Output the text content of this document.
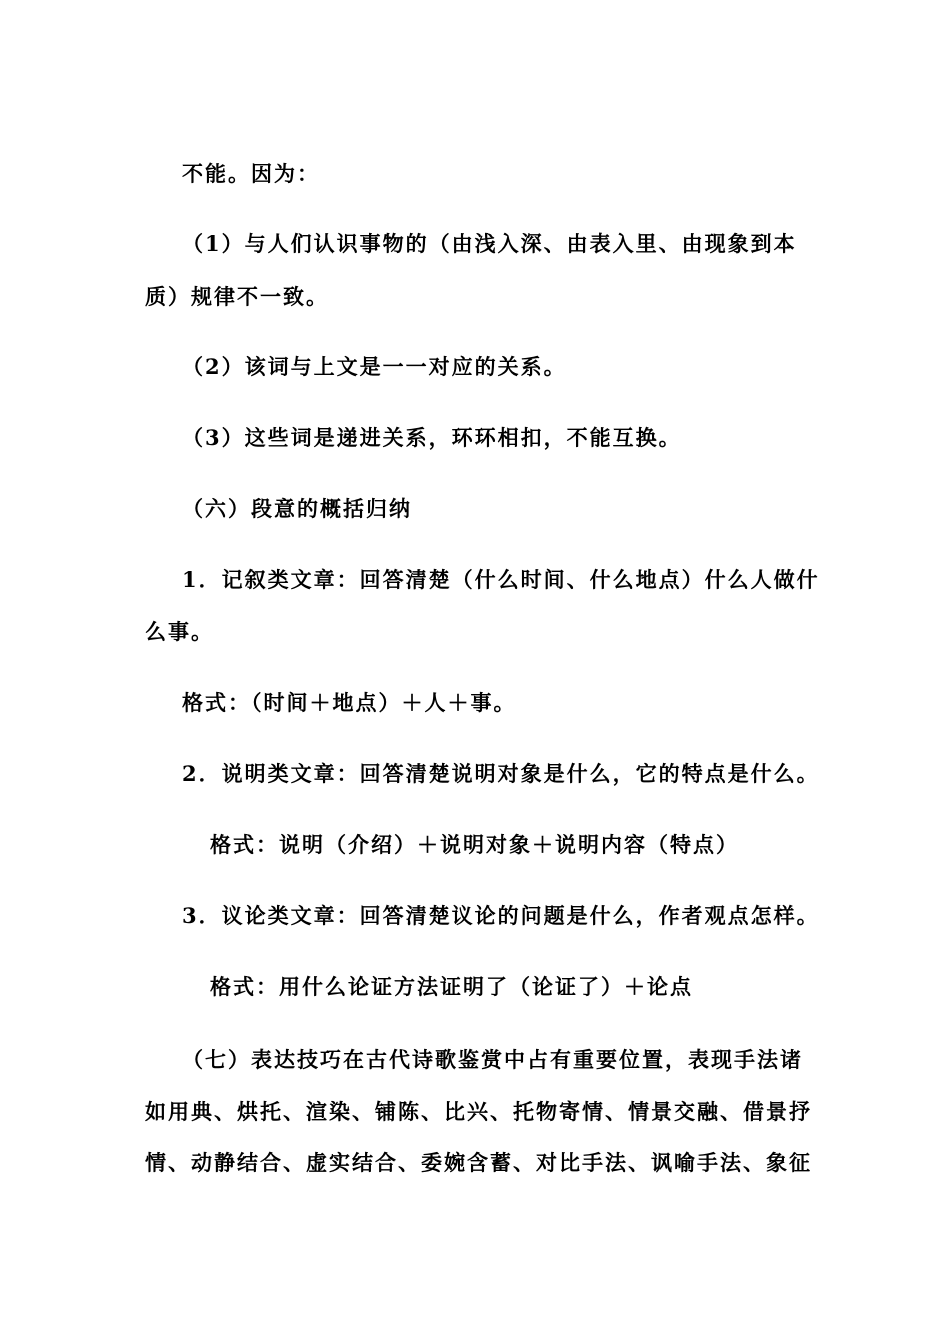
不能。因为：
（1）与人们认识事物的（由浅入深、由表入里、由现象到本
质）规律不一致。
（2）该词与上文是一一对应的关系。
（3）这些词是递进关系，环环相扣，不能互换。
（六）段意的概括归纳
1．记叙类文章：回答清楚（什么时间、什么地点）什么人做什
么事。
格式：（时间＋地点）＋人＋事。
2．说明类文章：回答清楚说明对象是什么，它的特点是什么。
格式：说明（介绍）＋说明对象＋说明内容（特点）
3．议论类文章：回答清楚议论的问题是什么，作者观点怎样。
格式：用什么论证方法证明了（论证了）＋论点
（七）表达技巧在古代诗歌鉴赏中占有重要位置，表现手法诸
如用典、烘托、渲染、铺陈、比兴、托物寄情、情景交融、借景抒
情、动静结合、虚实结合、委婉含蓄、对比手法、讽喻手法、象征
